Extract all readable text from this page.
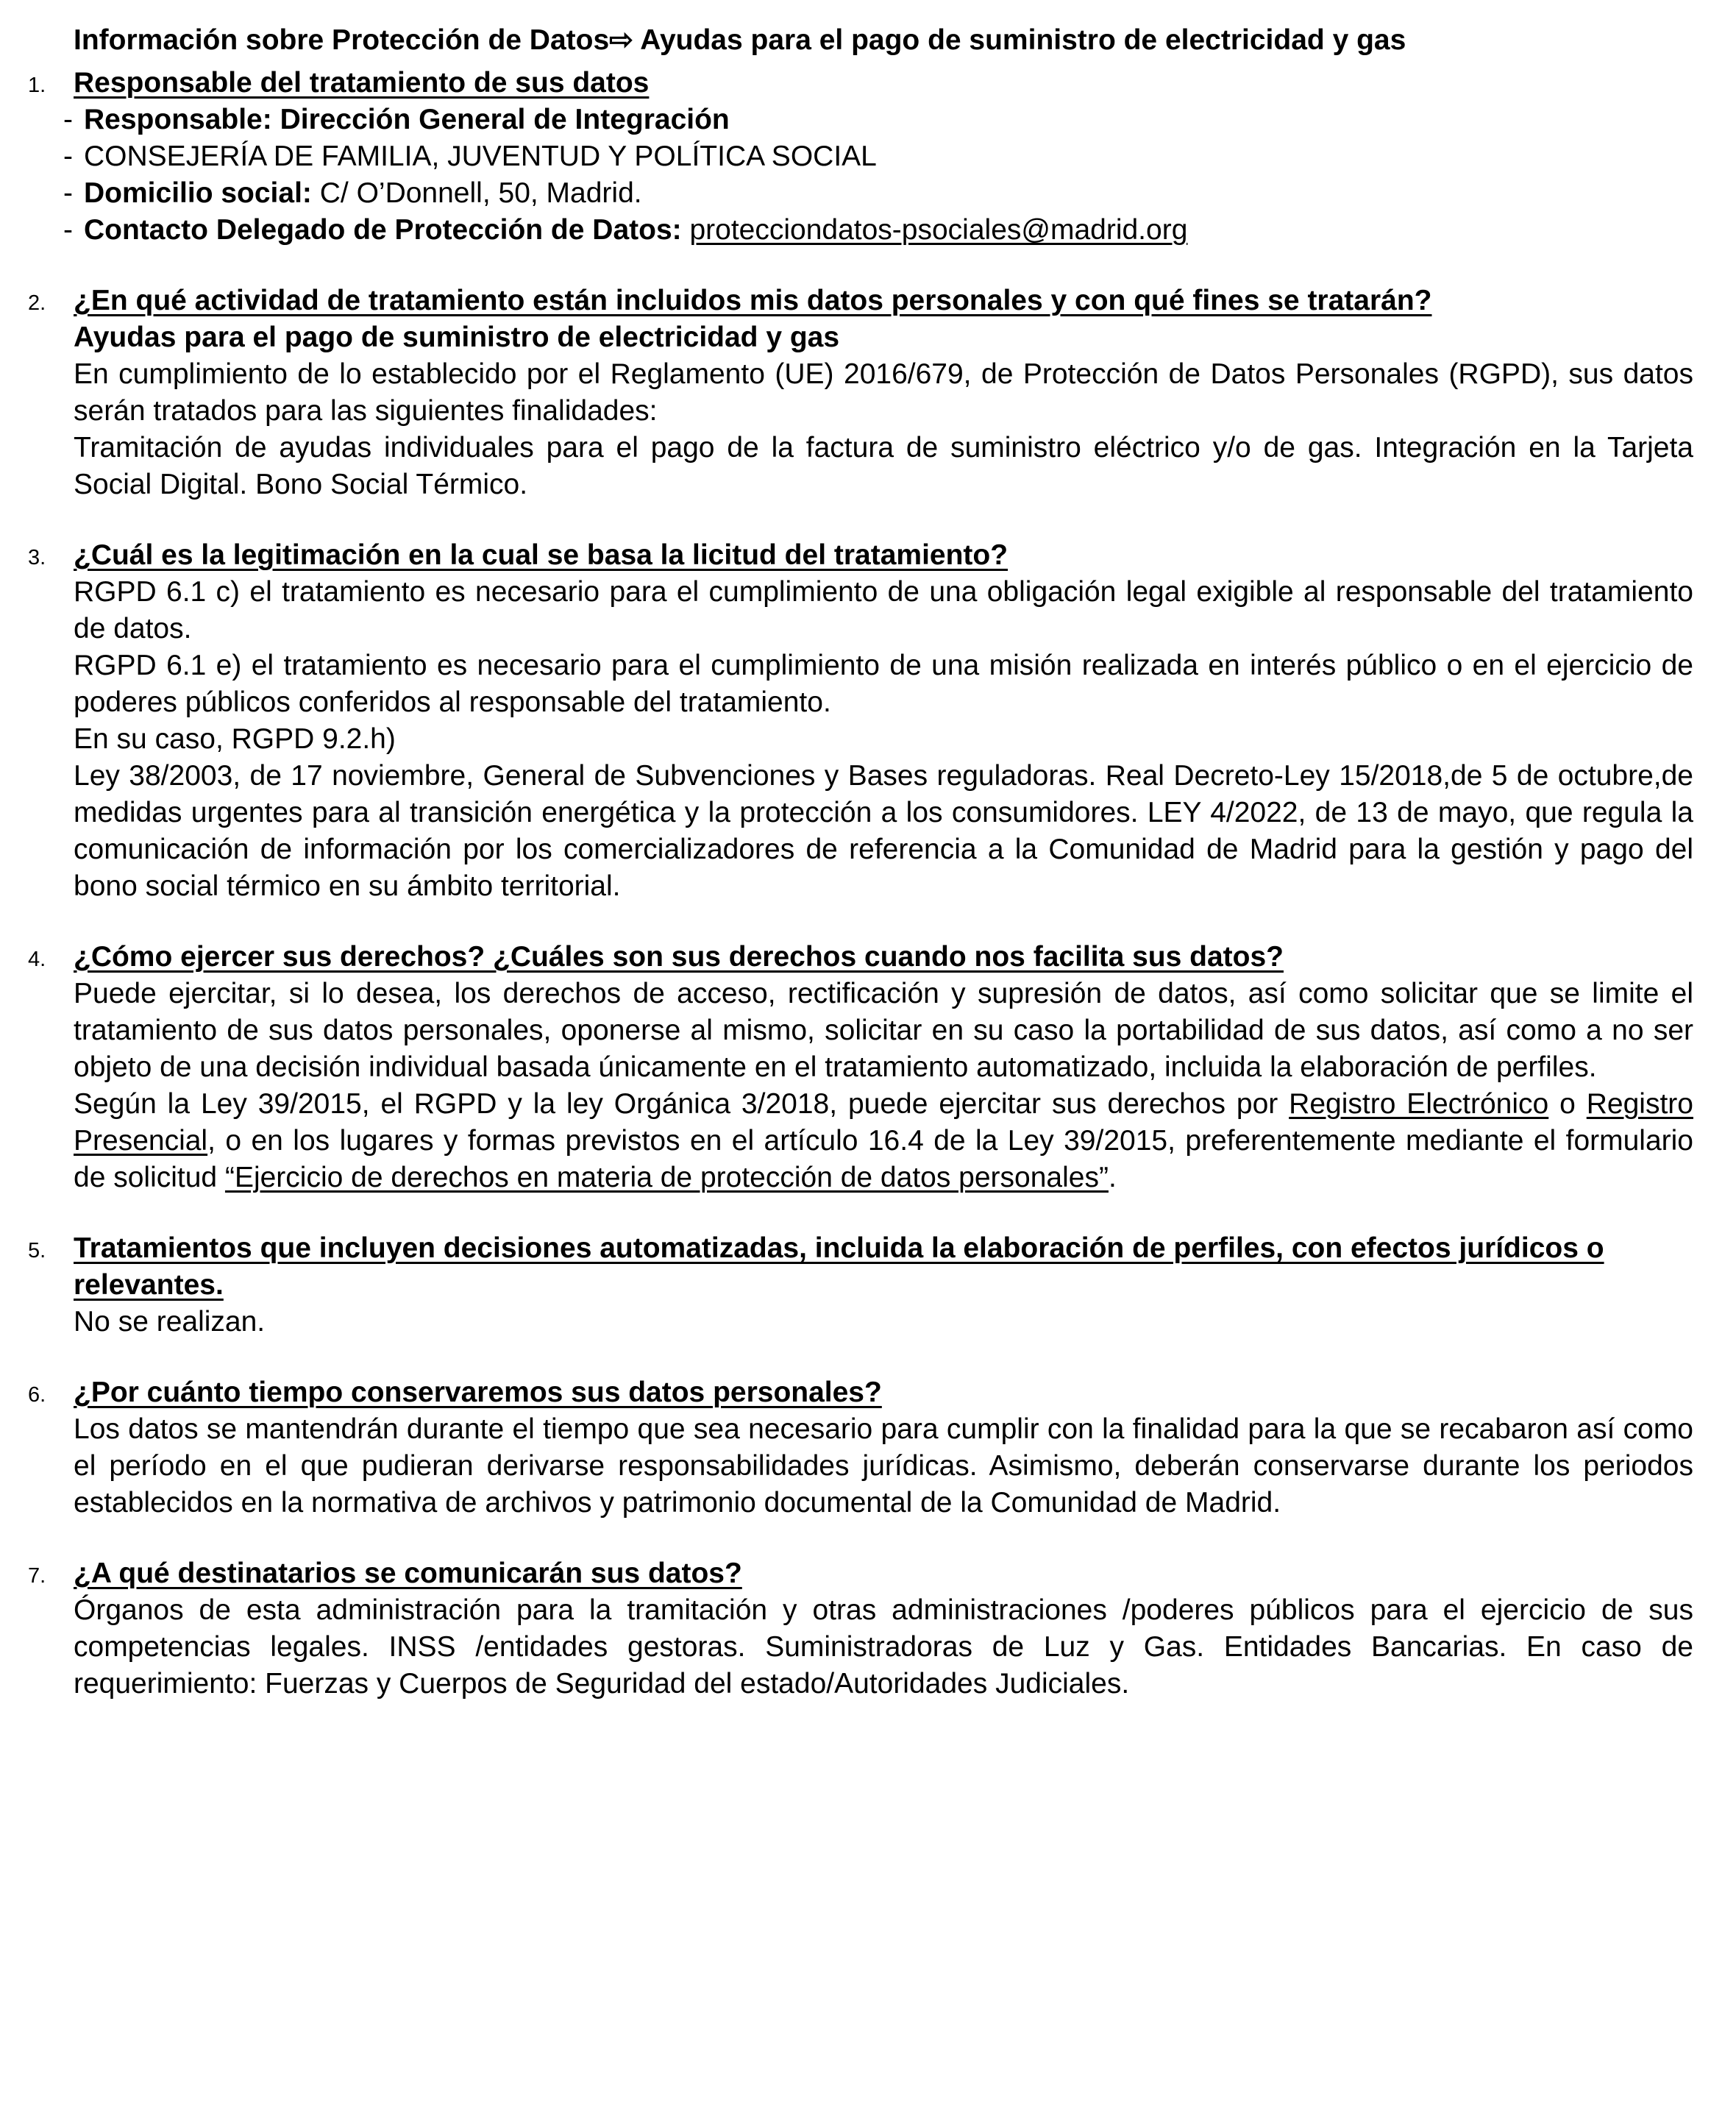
Información sobre Protección de Datos⇨ Ayudas para el pago de suministro de electricidad y gas

1. Responsable del tratamiento de sus datos

- Responsable: Dirección General de Integración
- CONSEJERÍA DE FAMILIA, JUVENTUD Y POLÍTICA SOCIAL
- Domicilio social: C/ O’Donnell, 50, Madrid.
- Contacto Delegado de Protección de Datos: protecciondatos-psociales@madrid.org
2. ¿En qué actividad de tratamiento están incluidos mis datos personales y con qué fines se tratarán?

Ayudas para el pago de suministro de electricidad y gas

En cumplimiento de lo establecido por el Reglamento (UE) 2016/679, de Protección de Datos Personales (RGPD), sus datos serán tratados para las siguientes finalidades:

Tramitación de ayudas individuales para el pago de la factura de suministro eléctrico y/o de gas. Integración en la Tarjeta Social Digital. Bono Social Térmico.

3. ¿Cuál es la legitimación en la cual se basa la licitud del tratamiento?

RGPD 6.1 c) el tratamiento es necesario para el cumplimiento de una obligación legal exigible al responsable del tratamiento de datos.

RGPD 6.1 e) el tratamiento es necesario para el cumplimiento de una misión realizada en interés público o en el ejercicio de poderes públicos conferidos al responsable del tratamiento.

En su caso, RGPD 9.2.h)

Ley 38/2003, de 17 noviembre, General de Subvenciones y Bases reguladoras. Real Decreto-Ley 15/2018,de 5 de octubre,de medidas urgentes para al transición energética y la protección a los consumidores. LEY 4/2022, de 13 de mayo, que regula la comunicación de información por los comercializadores de referencia a la Comunidad de Madrid para la gestión y pago del bono social térmico en su ámbito territorial.

4. ¿Cómo ejercer sus derechos? ¿Cuáles son sus derechos cuando nos facilita sus datos?

Puede ejercitar, si lo desea, los derechos de acceso, rectificación y supresión de datos, así como solicitar que se limite el tratamiento de sus datos personales, oponerse al mismo, solicitar en su caso la portabilidad de sus datos, así como a no ser objeto de una decisión individual basada únicamente en el tratamiento automatizado, incluida la elaboración de perfiles.

Según la Ley 39/2015, el RGPD y la ley Orgánica 3/2018, puede ejercitar sus derechos por Registro Electrónico o Registro Presencial, o en los lugares y formas previstos en el artículo 16.4 de la Ley 39/2015, preferentemente mediante el formulario de solicitud “Ejercicio de derechos en materia de protección de datos personales”.

5. Tratamientos que incluyen decisiones automatizadas, incluida la elaboración de perfiles, con efectos jurídicos o relevantes.

No se realizan.

6. ¿Por cuánto tiempo conservaremos sus datos personales?

Los datos se mantendrán durante el tiempo que sea necesario para cumplir con la finalidad para la que se recabaron así como el período en el que pudieran derivarse responsabilidades jurídicas. Asimismo, deberán conservarse durante los periodos establecidos en la normativa de archivos y patrimonio documental de la Comunidad de Madrid.

7. ¿A qué destinatarios se comunicarán sus datos?

Órganos de esta administración para la tramitación y otras administraciones /poderes públicos para el ejercicio de sus competencias legales. INSS /entidades gestoras. Suministradoras de Luz y Gas. Entidades Bancarias. En caso de requerimiento: Fuerzas y Cuerpos de Seguridad del estado/Autoridades Judiciales.
